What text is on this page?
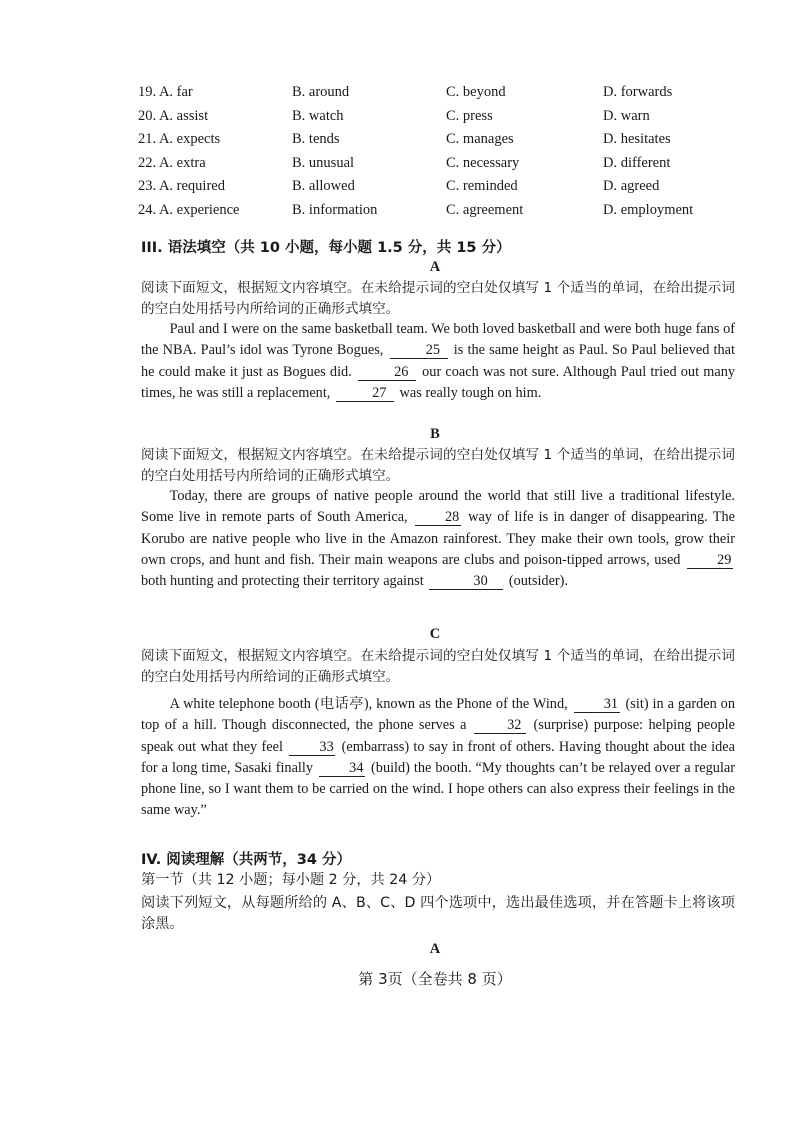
19. A. far	B. around	C. beyond	D. forwards
20. A. assist	B. watch	C. press	D. warn
21. A. expects	B. tends	C. manages	D. hesitates
22. A. extra	B. unusual	C. necessary	D. different
23. A. required	B. allowed	C. reminded	D. agreed
24. A. experience	B. information	C. agreement	D. employment
III. 语法填空（共 10 小题，每小题 1.5 分，共 15 分）
A
阅读下面短文，根据短文内容填空。在未给提示词的空白处仅填写 1 个适当的单词，在给出提示词的空白处用括号内所给词的正确形式填空。
Paul and I were on the same basketball team. We both loved basketball and were both huge fans of the NBA. Paul’s idol was Tyrone Bogues,	25 is the same height as Paul. So Paul believed that he could make it just as Bogues did.	26 our coach was not sure. Although Paul tried out many times, he was still a replacement,	27 was really tough on him.
B
阅读下面短文，根据短文内容填空。在未给提示词的空白处仅填写 1 个适当的单词，在给出提示词的空白处用括号内所给词的正确形式填空。
Today, there are groups of native people around the world that still live a traditional lifestyle. Some live in remote parts of South America,	28 way of life is in danger of disappearing. The Korubo are native people who live in the Amazon rainforest. They make their own tools, grow their own crops, and hunt and fish. Their main weapons are clubs and poison-tipped arrows, used	29 both hunting and protecting their territory against	30 (outsider).
C
阅读下面短文，根据短文内容填空。在未给提示词的空白处仅填写 1 个适当的单词，在给出提示词的空白处用括号内所给词的正确形式填空。
A white telephone booth (电话亭), known as the Phone of the Wind,	31 (sit) in a garden on top of a hill. Though disconnected, the phone serves a	32 (surprise) purpose: helping people speak out what they feel	33 (embarrass) to say in front of others. Having thought about the idea for a long time, Sasaki finally	34 (build) the booth. “My thoughts can’t be relayed over a regular phone line, so I want them to be carried on the wind. I hope others can also express their feelings in the same way.”
IV. 阅读理解（共两节，34 分）
第一节（共 12 小题；每小题 2 分，共 24 分）
阅读下列短文，从每题所给的 A、B、C、D 四个选项中，选出最佳选项，并在答题卡上将该项涂黑。
A
第 3页（全卷共 8 页）
